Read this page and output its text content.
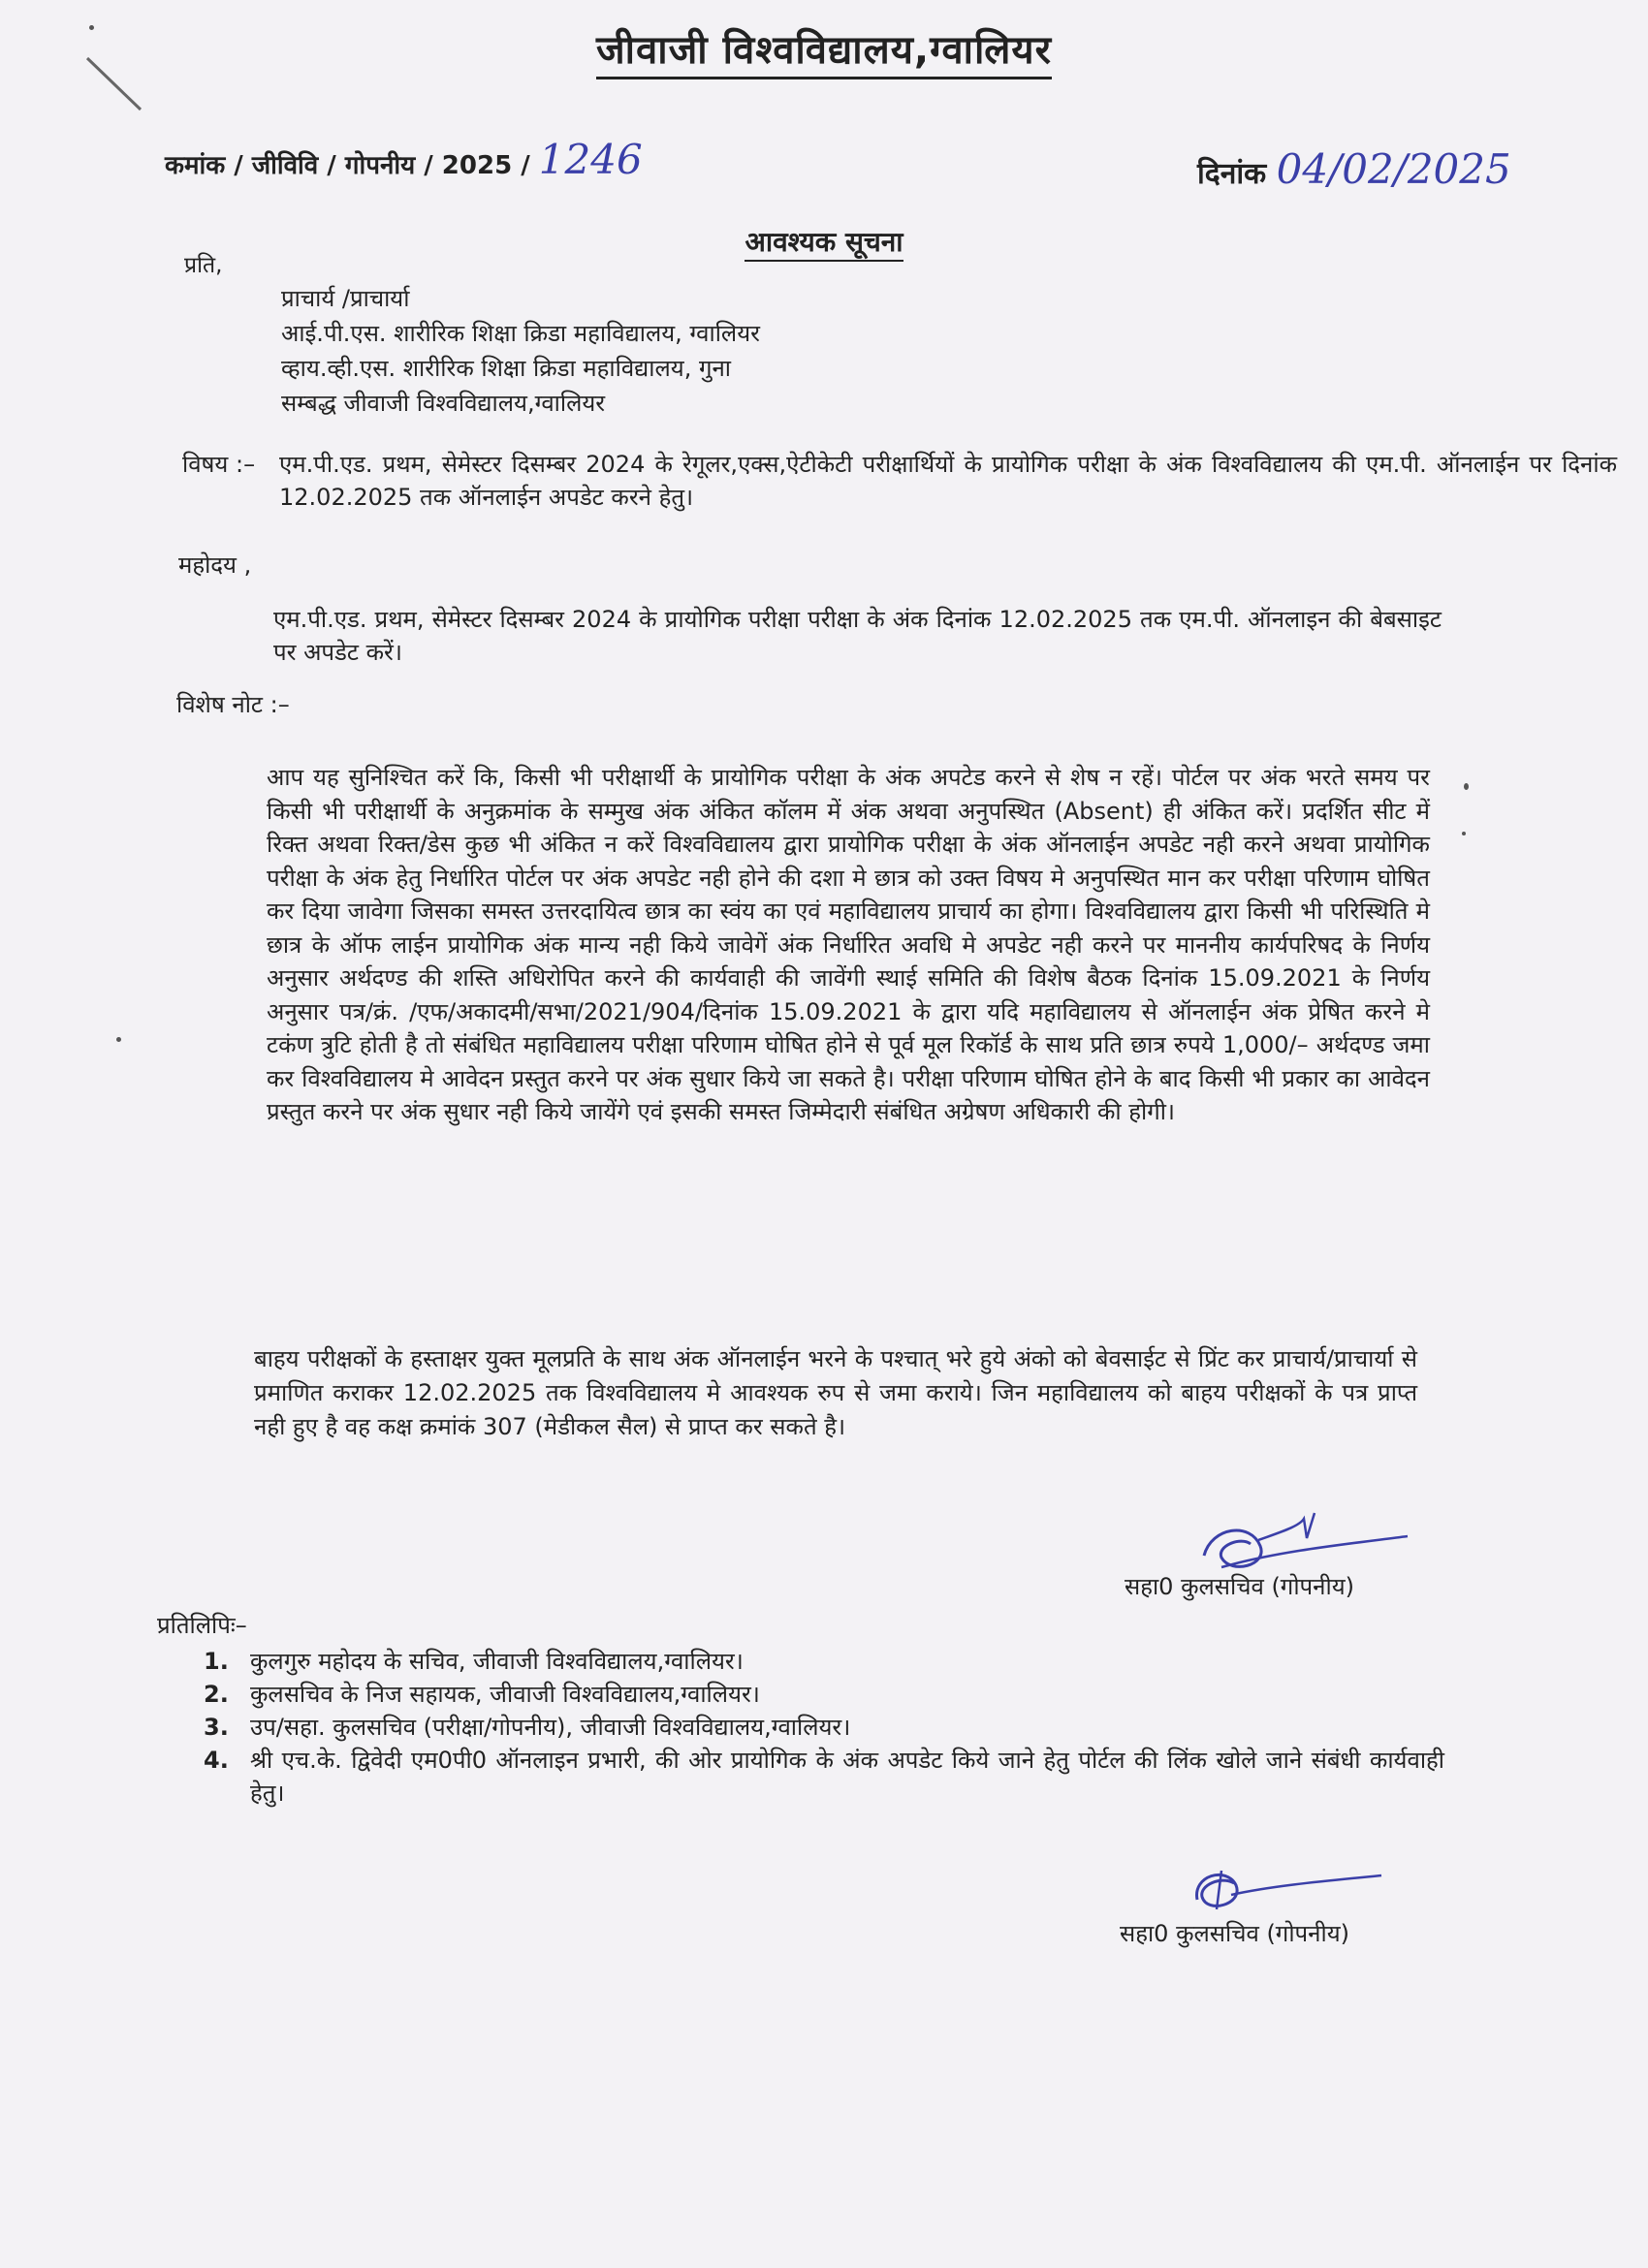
जीवाजी विश्वविद्यालय,ग्वालियर
कमांक / जीविवि / गोपनीय / 2025 / 1246	दिनांक 04/02/2025
आवश्यक सूचना
प्रति,
प्राचार्य /प्राचार्या
आई.पी.एस. शारीरिक शिक्षा क्रिडा महाविद्यालय, ग्वालियर
व्हाय.व्ही.एस. शारीरिक शिक्षा क्रिडा महाविद्यालय, गुना
सम्बद्ध जीवाजी विश्वविद्यालय,ग्वालियर
विषय :– एम.पी.एड. प्रथम, सेमेस्टर दिसम्बर 2024 के रेगूलर,एक्स,ऐटीकेटी परीक्षार्थियों के प्रायोगिक परीक्षा के अंक विश्वविद्यालय की एम.पी. ऑनलाईन पर दिनांक 12.02.2025 तक ऑनलाईन अपडेट करने हेतु।
महोदय ,
एम.पी.एड. प्रथम, सेमेस्टर दिसम्बर 2024 के प्रायोगिक परीक्षा परीक्षा के अंक दिनांक 12.02.2025 तक एम.पी. ऑनलाइन की बेबसाइट पर अपडेट करें।
विशेष नोट :–
आप यह सुनिश्चित करें कि, किसी भी परीक्षार्थी के प्रायोगिक परीक्षा के अंक अपटेड करने से शेष न रहें। पोर्टल पर अंक भरते समय पर किसी भी परीक्षार्थी के अनुक्रमांक के सम्मुख अंक अंकित कॉलम में अंक अथवा अनुपस्थित (Absent) ही अंकित करें। प्रदर्शित सीट में रिक्त अथवा रिक्त/डेस कुछ भी अंकित न करें विश्वविद्यालय द्वारा प्रायोगिक परीक्षा के अंक ऑनलाईन अपडेट नही करने अथवा प्रायोगिक परीक्षा के अंक हेतु निर्धारित पोर्टल पर अंक अपडेट नही होने की दशा मे छात्र को उक्त विषय मे अनुपस्थित मान कर परीक्षा परिणाम घोषित कर दिया जावेगा जिसका समस्त उत्तरदायित्व छात्र का स्वंय का एवं महाविद्यालय प्राचार्य का होगा। विश्वविद्यालय द्वारा किसी भी परिस्थिति मे छात्र के ऑफ लाईन प्रायोगिक अंक मान्य नही किये जावेगें अंक निर्धारित अवधि मे अपडेट नही करने पर माननीय कार्यपरिषद के निर्णय अनुसार अर्थदण्ड की शस्ति अधिरोपित करने की कार्यवाही की जावेंगी स्थाई समिति की विशेष बैठक दिनांक 15.09.2021 के निर्णय अनुसार पत्र/क्रं. /एफ/अकादमी/सभा/2021/904/दिनांक 15.09.2021 के द्वारा यदि महाविद्यालय से ऑनलाईन अंक प्रेषित करने मे टकंण त्रुटि होती है तो संबंधित महाविद्यालय परीक्षा परिणाम घोषित होने से पूर्व मूल रिकॉर्ड के साथ प्रति छात्र रुपये 1,000/– अर्थदण्ड जमा कर विश्वविद्यालय मे आवेदन प्रस्तुत करने पर अंक सुधार किये जा सकते है। परीक्षा परिणाम घोषित होने के बाद किसी भी प्रकार का आवेदन प्रस्तुत करने पर अंक सुधार नही किये जायेंगे एवं इसकी समस्त जिम्मेदारी संबंधित अग्रेषण अधिकारी की होगी।
बाहय परीक्षकों के हस्ताक्षर युक्त मूलप्रति के साथ अंक ऑनलाईन भरने के पश्चात् भरे हुये अंको को बेवसाईट से प्रिंट कर प्राचार्य/प्राचार्या से प्रमाणित कराकर 12.02.2025 तक विश्वविद्यालय मे आवश्यक रुप से जमा कराये। जिन महाविद्यालय को बाहय परीक्षकों के पत्र प्राप्त नही हुए है वह कक्ष क्रमांकं 307 (मेडीकल सैल) से प्राप्त कर सकते है।
सहा0 कुलसचिव (गोपनीय)
प्रतिलिपिः–
1. कुलगुरु महोदय के सचिव, जीवाजी विश्वविद्यालय,ग्वालियर।
2. कुलसचिव के निज सहायक, जीवाजी विश्वविद्यालय,ग्वालियर।
3. उप/सहा. कुलसचिव (परीक्षा/गोपनीय), जीवाजी विश्वविद्यालय,ग्वालियर।
4. श्री एच.के. द्विवेदी एम0पी0 ऑनलाइन प्रभारी, की ओर प्रायोगिक के अंक अपडेट किये जाने हेतु पोर्टल की लिंक खोले जाने संबंधी कार्यवाही हेतु।
सहा0 कुलसचिव (गोपनीय)
